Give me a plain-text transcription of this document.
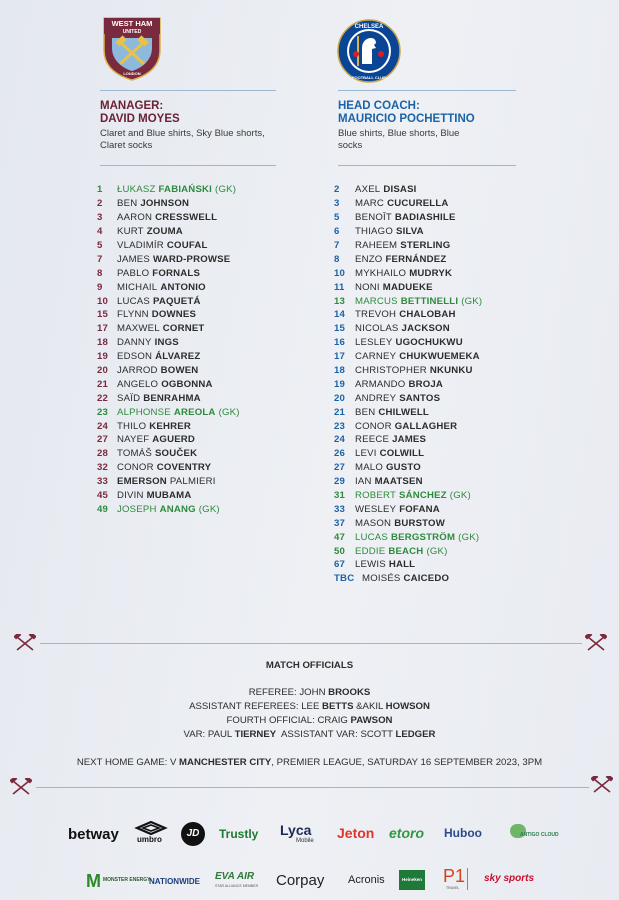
WEST HAM
UNITED
LONDON
CHELSEA
FOOTBALL CLUB
MANAGER:
DAVID MOYES
Claret and Blue shirts, Sky Blue shorts, Claret socks
1	ŁUKASZ FABIAŃSKI (GK)
2	BEN JOHNSON
3	AARON CRESSWELL
4	KURT ZOUMA
5	VLADIMÍR COUFAL
7	JAMES WARD-PROWSE
8	PABLO FORNALS
9	MICHAIL ANTONIO
10 LUCAS PAQUETÁ
15 FLYNN DOWNES
17 MAXWEL CORNET
18 DANNY INGS
19 EDSON ÁLVAREZ
20 JARROD BOWEN
21 ANGELO OGBONNA
22 SAÏD BENRAHMA
23 ALPHONSE AREOLA (GK)
24 THILO KEHRER
27 NAYEF AGUERD
28 TOMÁŠ SOUČEK
32 CONOR COVENTRY
33 EMERSON PALMIERI
45 DIVIN MUBAMA
49 JOSEPH ANANG (GK)
HEAD COACH:
MAURICIO POCHETTINO
Blue shirts, Blue shorts, Blue socks
2	AXEL DISASI
3	MARC CUCURELLA
5	BENOÎT BADIASHILE
6	THIAGO SILVA
7	RAHEEM STERLING
8	ENZO FERNÁNDEZ
10	MYKHAILO MUDRYK
11	NONI MADUEKE
13	MARCUS BETTINELLI (GK)
14	TREVOH CHALOBAH
15	NICOLAS JACKSON
16	LESLEY UGOCHUKWU
17	CARNEY CHUKWUEMEKA
18	CHRISTOPHER NKUNKU
19	ARMANDO BROJA
20	ANDREY SANTOS
21	BEN CHILWELL
23	CONOR GALLAGHER
24	REECE JAMES
26	LEVI COLWILL
27	MALO GUSTO
29	IAN MAATSEN
31	ROBERT SÁNCHEZ (GK)
33	WESLEY FOFANA
37	MASON BURSTOW
47	LUCAS BERGSTRÖM (GK)
50	EDDIE BEACH (GK)
67	LEWIS HALL
TBC MOISÉS CAICEDO
MATCH OFFICIALS
REFEREE: JOHN BROOKS
ASSISTANT REFEREES: LEE BETTS &AKIL HOWSON
FOURTH OFFICIAL: CRAIG PAWSON
VAR: PAUL TIERNEY ASSISTANT VAR: SCOTT LEDGER
NEXT HOME GAME: V MANCHESTER CITY, PREMIER LEAGUE, SATURDAY 16 SEPTEMBER 2023, 3PM
betway umbro
JD	Trustly Lyca
Mobile Jeton etoro Huboo	ANTIGO CLOUD
M MONSTER ENERGY
NATIONWIDE EVA AIR
STAR ALLIANCE MEMBER Corpay Acronis	Heineken P1
TRAVEL
sky sports
